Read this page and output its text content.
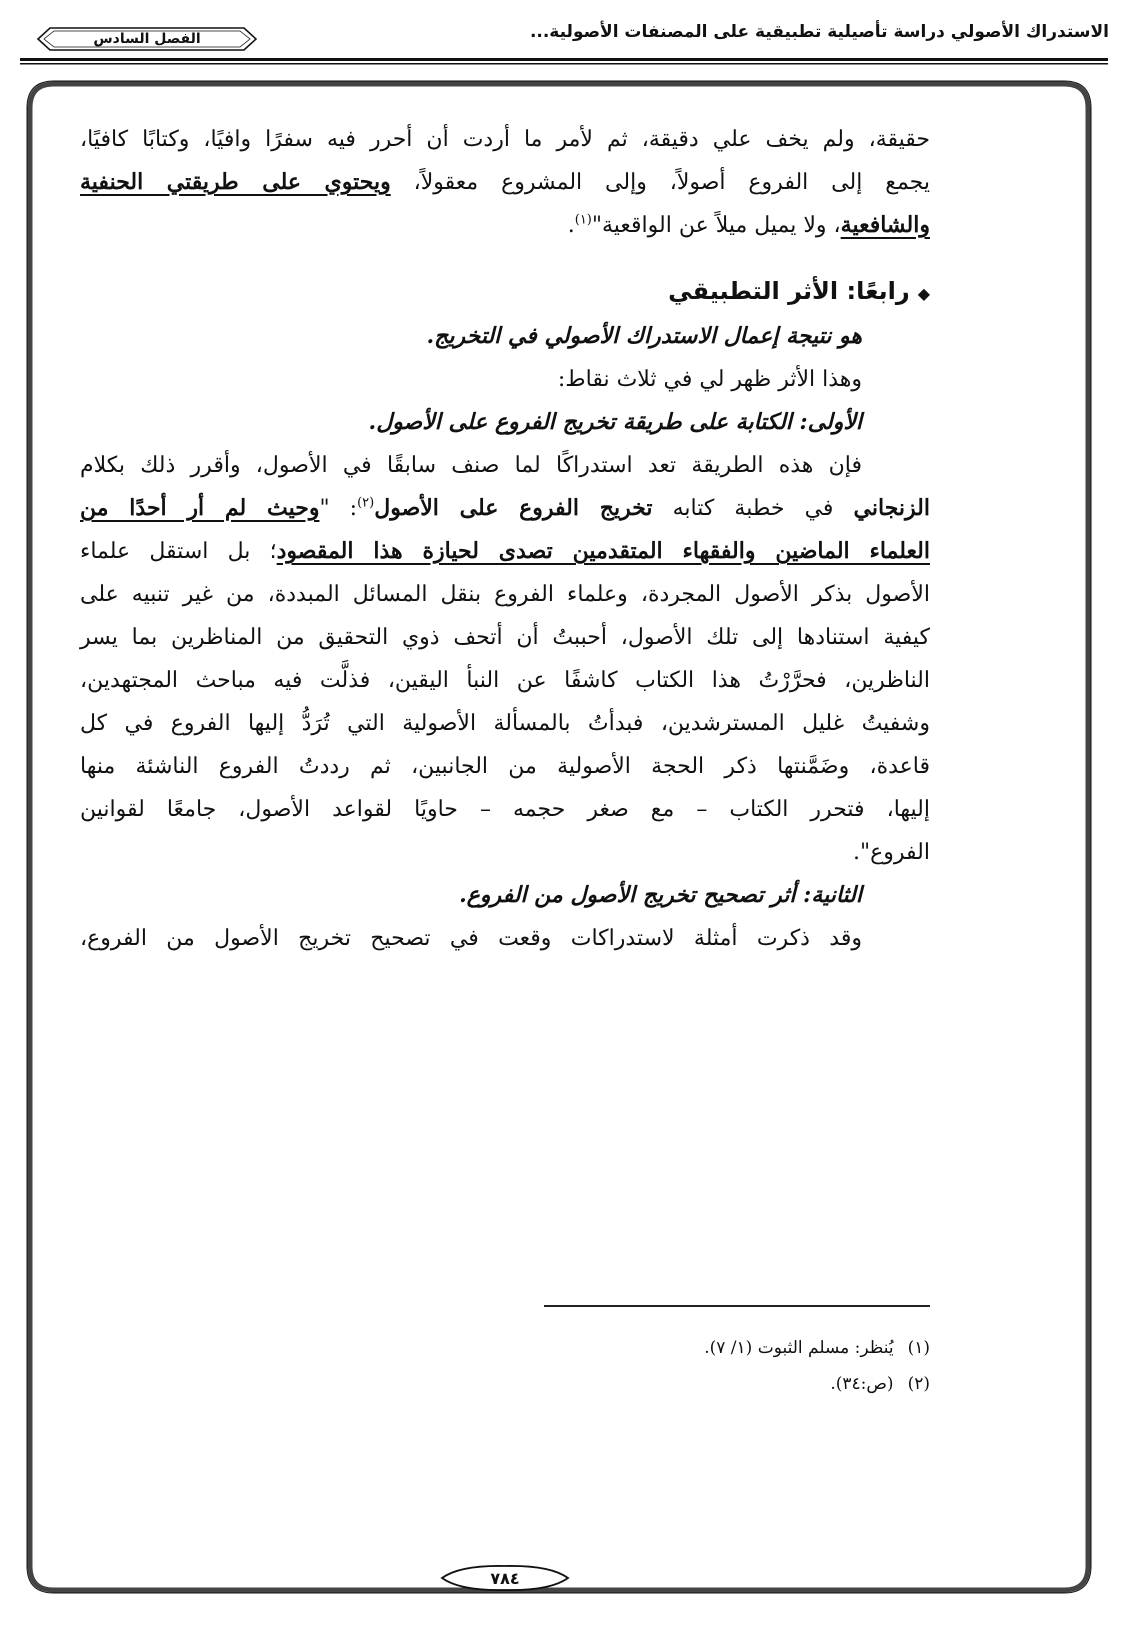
الاستدراك الأصولي دراسة تأصيلية تطبيقية على المصنفات الأصولية...
الفصل السادس

حقيقة، ولم يخف علي دقيقة، ثم لأمر ما أردت أن أحرر فيه سفرًا وافيًا، وكتابًا كافيًا،

يجمع إلى الفروع أصولاً، وإلى المشروع معقولاً، ويحتوي على طريقتي الحنفية

والشافعية، ولا يميل ميلاً عن الواقعية"$^{(١)}$.

◆رابعًا: الأثر التطبيقي

هو نتيجة إعمال الاستدراك الأصولي في التخريج.

وهذا الأثر ظهر لي في ثلاث نقاط:

الأولى: الكتابة على طريقة تخريج الفروع على الأصول.

فإن هذه الطريقة تعد استدراكًا لما صنف سابقًا في الأصول، وأقرر ذلك بكلام

الزنجاني في خطبة كتابه تخريج الفروع على الأصول$^{(٢)}$: "وحيث لم أر أحدًا من

العلماء الماضين والفقهاء المتقدمين تصدى لحيازة هذا المقصود؛ بل استقل علماء

الأصول بذكر الأصول المجردة، وعلماء الفروع بنقل المسائل المبددة، من غير تنبيه على

كيفية استنادها إلى تلك الأصول، أحببتُ أن أتحف ذوي التحقيق من المناظرين بما يسر

الناظرين، فحرَّرْتُ هذا الكتاب كاشفًا عن النبأ اليقين، فذلَّت فيه مباحث المجتهدين،

وشفيتُ غليل المسترشدين، فبدأتُ بالمسألة الأصولية التي تُرَدُّ إليها الفروع في كل

قاعدة، وضَمَّنتها ذكر الحجة الأصولية من الجانبين، ثم رددتُ الفروع الناشئة منها

إليها، فتحرر الكتاب – مع صغر حجمه – حاويًا لقواعد الأصول، جامعًا لقوانين

الفروع".

الثانية: أثر تصحيح تخريج الأصول من الفروع.

وقد ذكرت أمثلة لاستدراكات وقعت في تصحيح تخريج الأصول من الفروع،

(١)يُنظر: مسلم الثبوت (١/ ٧).
(٢)(ص:٣٤).
٧٨٤
